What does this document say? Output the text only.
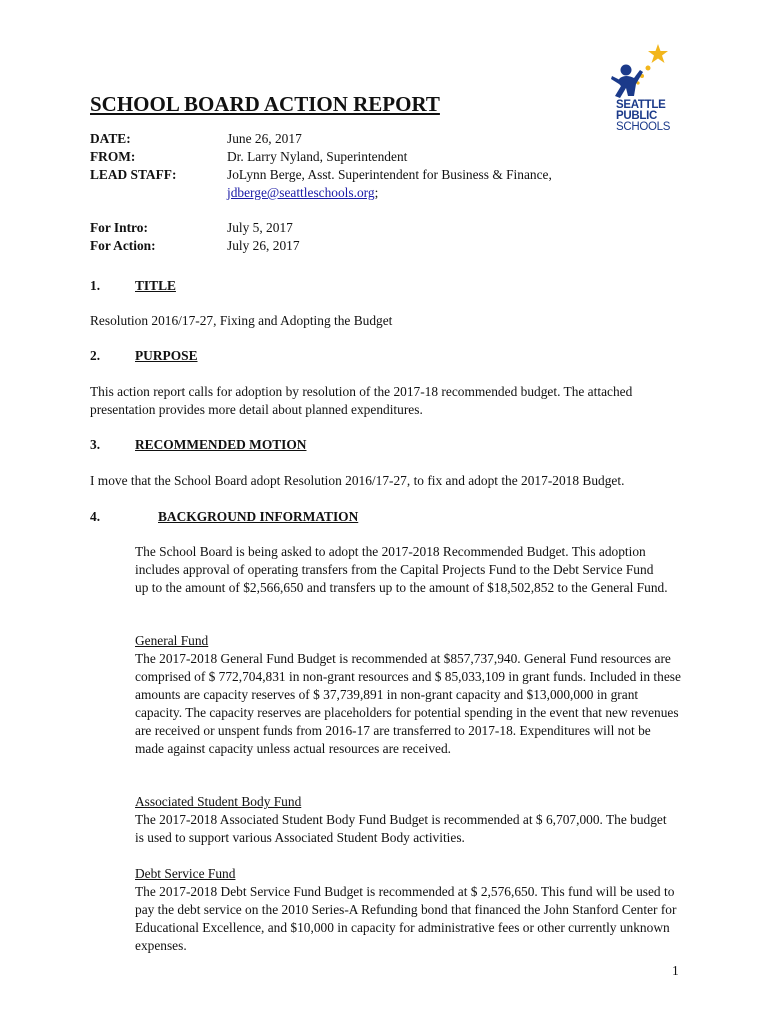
SEATTLE
PUBLIC
SCHOOLS
SCHOOL BOARD ACTION REPORT
DATE:	June 26, 2017
FROM:	Dr. Larry Nyland, Superintendent
LEAD STAFF:	JoLynn Berge, Asst. Superintendent for Business & Finance,
jdberge@seattleschools.org;
For Intro:	July 5, 2017
For Action:	July 26, 2017
1.	TITLE
Resolution 2016/17-27, Fixing and Adopting the Budget
2.	PURPOSE
This action report calls for adoption by resolution of the 2017-18 recommended budget. The attached presentation provides more detail about planned expenditures.
3.	RECOMMENDED MOTION
I move that the School Board adopt Resolution 2016/17-27, to fix and adopt the 2017-2018 Budget.
4.	BACKGROUND INFORMATION
The School Board is being asked to adopt the 2017-2018 Recommended Budget. This adoption includes approval of operating transfers from the Capital Projects Fund to the Debt Service Fund up to the amount of $2,566,650 and transfers up to the amount of $18,502,852 to the General Fund.
General Fund
The 2017-2018 General Fund Budget is recommended at $857,737,940. General Fund resources are comprised of $ 772,704,831 in non-grant resources and $ 85,033,109 in grant funds. Included in these amounts are capacity reserves of $ 37,739,891 in non-grant capacity and $13,000,000 in grant capacity. The capacity reserves are placeholders for potential spending in the event that new revenues are received or unspent funds from 2016-17 are transferred to 2017-18. Expenditures will not be made against capacity unless actual resources are received.
Associated Student Body Fund
The 2017-2018 Associated Student Body Fund Budget is recommended at $ 6,707,000. The budget is used to support various Associated Student Body activities.
Debt Service Fund
The 2017-2018 Debt Service Fund Budget is recommended at $ 2,576,650. This fund will be used to pay the debt service on the 2010 Series-A Refunding bond that financed the John Stanford Center for Educational Excellence, and $10,000 in capacity for administrative fees or other currently unknown expenses.
1
